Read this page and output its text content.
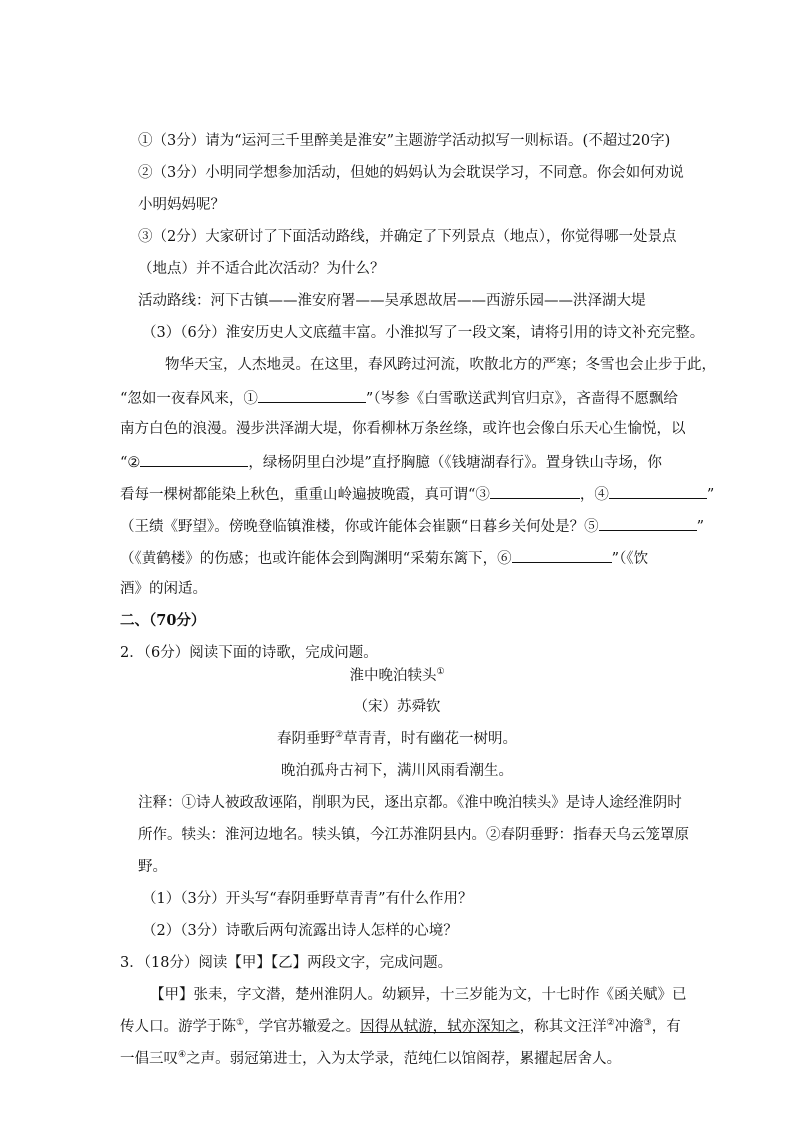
①（3分）请为“运河三千里醉美是淮安”主题游学活动拟写一则标语。(不超过20字)
②（3分）小明同学想参加活动，但她的妈妈认为会耽误学习，不同意。你会如何劝说
小明妈妈呢？
③（2分）大家研讨了下面活动路线，并确定了下列景点（地点），你觉得哪一处景点
（地点）并不适合此次活动？为什么？
活动路线：河下古镇——淮安府署——吴承恩故居——西游乐园——洪泽湖大堤
（3）（6分）淮安历史人文底蕴丰富。小淮拟写了一段文案，请将引用的诗文补充完整。
物华天宝，人杰地灵。在这里，春风跨过河流，吹散北方的严寒；冬雪也会止步于此，
“忽如一夜春风来，①	”（岑参《白雪歌送武判官归京》，吝啬得不愿飘给
南方白色的浪漫。漫步洪泽湖大堤，你看柳林万条丝绦，或许也会像白乐天心生愉悦，以
“②	，绿杨阴里白沙堤”直抒胸臆（《钱塘湖春行》。置身铁山寺场，你
看每一棵树都能染上秋色，重重山岭遍披晚霞，真可谓“③	，④	”
（王绩《野望》。傍晚登临镇淮楼，你或许能体会崔颢“日暮乡关何处是？⑤	”
（《黄鹤楼》的伤感；也或许能体会到陶渊明“采菊东篱下，⑥	”（《饮
酒》的闲适。
二、（70分）
2．（6分）阅读下面的诗歌，完成问题。
淮中晚泊犊头①
（宋）苏舜钦
春阴垂野②草青青，时有幽花一树明。
晚泊孤舟古祠下，满川风雨看潮生。
注释：①诗人被政敌诬陷，削职为民，逐出京都。《淮中晚泊犊头》是诗人途经淮阴时
所作。犊头：淮河边地名。犊头镇，今江苏淮阴县内。②春阴垂野：指春天乌云笼罩原
野。
（1）（3分）开头写“春阴垂野草青青”有什么作用？
（2）（3分）诗歌后两句流露出诗人怎样的心境？
3．（18分）阅读【甲】【乙】两段文字，完成问题。
【甲】张耒，字文潜，楚州淮阴人。幼颖异，十三岁能为文，十七时作《函关赋》已
传人口。游学于陈①，学官苏辙爱之。因得从轼游，轼亦深知之，称其文汪洋②冲澹③，有
一倡三叹④之声。弱冠第进士，入为太学录，范纯仁以馆阁荐，累擢起居舍人。
